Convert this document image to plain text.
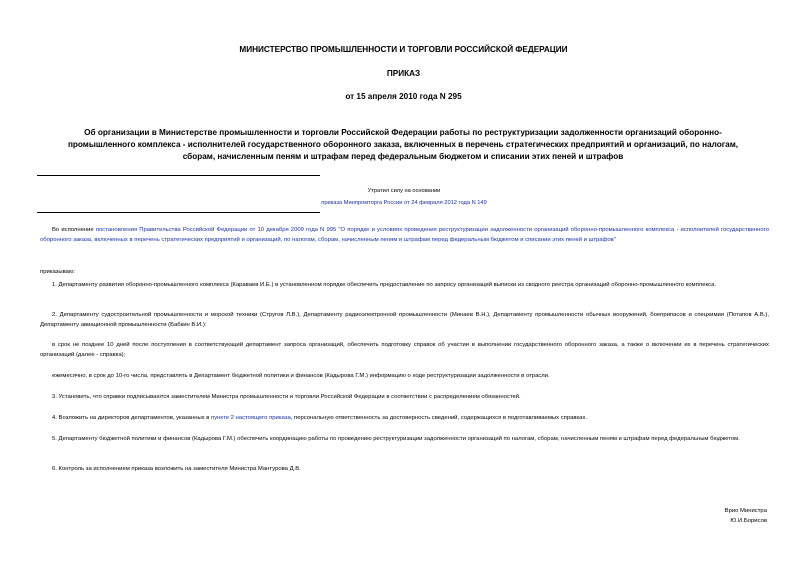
МИНИСТЕРСТВО ПРОМЫШЛЕННОСТИ И ТОРГОВЛИ РОССИЙСКОЙ ФЕДЕРАЦИИ
ПРИКАЗ
от 15 апреля 2010 года N 295
Об организации в Министерстве промышленности и торговли Российской Федерации работы по реструктуризации задолженности организаций оборонно-
промышленного комплекса - исполнителей государственного оборонного заказа, включенных в перечень стратегических предприятий и организаций, по налогам,
сборам, начисленным пеням и штрафам перед федеральным бюджетом и списании этих пеней и штрафов
Утратил силу на основании
приказа Минпромторга России от 24 февраля 2012 года N 149

Во исполнение постановления Правительства Российской Федерации от 10 декабря 2009 года N 995 "О порядке и условиях проведения реструктуризации задолженности организаций оборонно-промышленного комплекса - исполнителей государственного оборонного заказа, включенных в перечень стратегических предприятий и организаций, по налогам, сборам, начисленным пеням и штрафам перед федеральным бюджетом и списании этих пеней и штрафов"

приказываю:

1. Департаменту развития оборонно-промышленного комплекса (Караваев И.Е.) в установленном порядке обеспечить предоставление по запросу организаций выписки из сводного реестра организаций оборонно-промышленного комплекса.

2. Департаменту судостроительной промышленности и морской техники (Стругов Л.В.), Департаменту радиоэлектронной промышленности (Минаев В.Н.), Департаменту промышленности обычных вооружений, боеприпасов и спецхимии (Потапов А.В.), Департаменту авиационной промышленности (Бабкин В.И.):

в срок не позднее 10 дней после поступления в соответствующий департамент запроса организаций, обеспечить подготовку справок об участии в выполнении государственного оборонного заказа, а также о включении их в перечень стратегических организаций (далее - справка);

ежемесячно, в срок до 10-го числа, представлять в Департамент бюджетной политики и финансов (Кадырова Г.М.) информацию о ходе реструктуризации задолженности в отрасли.

3. Установить, что справки подписываются заместителем Министра промышленности и торговли Российской Федерации в соответствии с распределением обязанностей.

4. Возложить на директоров департаментов, указанных в пункте 2 настоящего приказа, персональную ответственность за достоверность сведений, содержащихся в подготавливаемых справках.

5. Департаменту бюджетной политики и финансов (Кадырова Г.М.) обеспечить координацию работы по проведению реструктуризации задолженности организаций по налогам, сборам, начисленным пеням и штрафам перед федеральным бюджетом.

6. Контроль за исполнением приказа возложить на заместителя Министра Мантурова Д.В.

Врио Министра
Ю.И.Борисов
